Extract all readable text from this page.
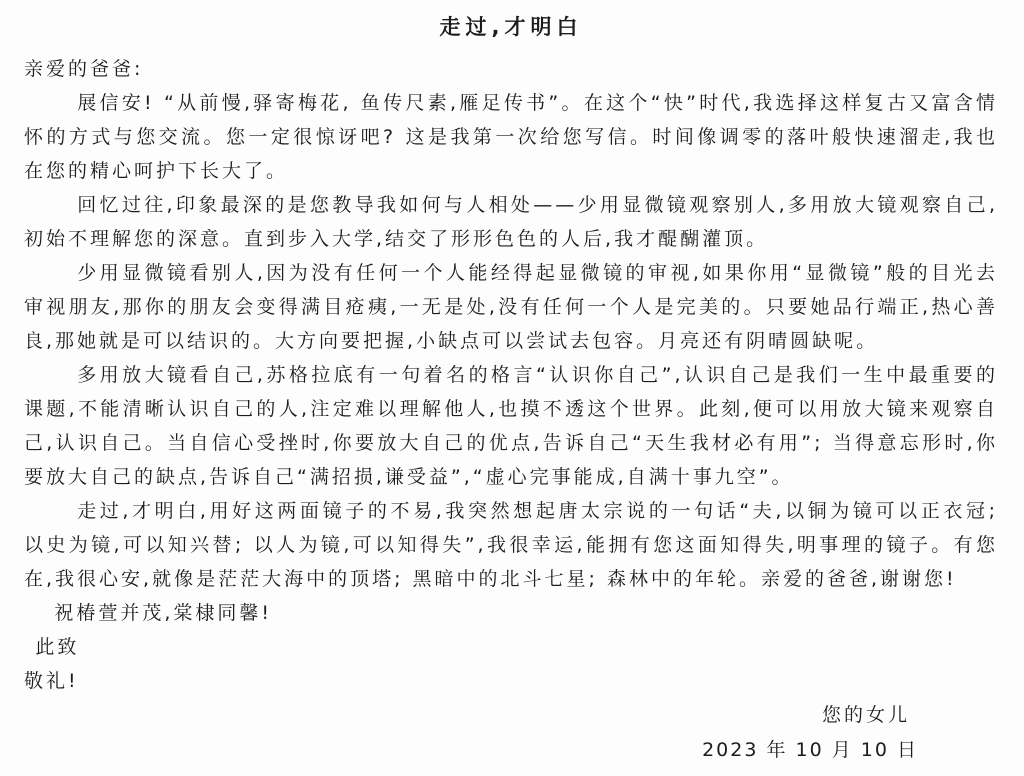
走过,才明白
亲爱的爸爸:

展信安! “从前慢,驿寄梅花, 鱼传尺素,雁足传书”。在这个“快”时代,我选择这样复古又富含情怀的方式与您交流。您一定很惊讶吧? 这是我第一次给您写信。时间像调零的落叶般快速溜走,我也在您的精心呵护下长大了。

回忆过往,印象最深的是您教导我如何与人相处——少用显微镜观察别人,多用放大镜观察自己,初始不理解您的深意。直到步入大学,结交了形形色色的人后,我才醍醐灌顶。

少用显微镜看别人,因为没有任何一个人能经得起显微镜的审视,如果你用“显微镜”般的目光去审视朋友,那你的朋友会变得满目疮痍,一无是处,没有任何一个人是完美的。只要她品行端正,热心善良,那她就是可以结识的。大方向要把握,小缺点可以尝试去包容。月亮还有阴晴圆缺呢。

多用放大镜看自己,苏格拉底有一句着名的格言“认识你自己”,认识自己是我们一生中最重要的课题,不能清晰认识自己的人,注定难以理解他人,也摸不透这个世界。此刻,便可以用放大镜来观察自己,认识自己。当自信心受挫时,你要放大自己的优点,告诉自己“天生我材必有用”; 当得意忘形时,你要放大自己的缺点,告诉自己“满招损,谦受益”,“虚心完事能成,自满十事九空”。

走过,才明白,用好这两面镜子的不易,我突然想起唐太宗说的一句话“夫,以铜为镜可以正衣冠; 以史为镜,可以知兴替; 以人为镜,可以知得失”,我很幸运,能拥有您这面知得失,明事理的镜子。有您在,我很心安,就像是茫茫大海中的顶塔; 黑暗中的北斗七星; 森林中的年轮。亲爱的爸爸,谢谢您!

祝椿萱并茂,棠棣同馨!
此致
敬礼!
您的女儿
2023 年 10 月 10 日
